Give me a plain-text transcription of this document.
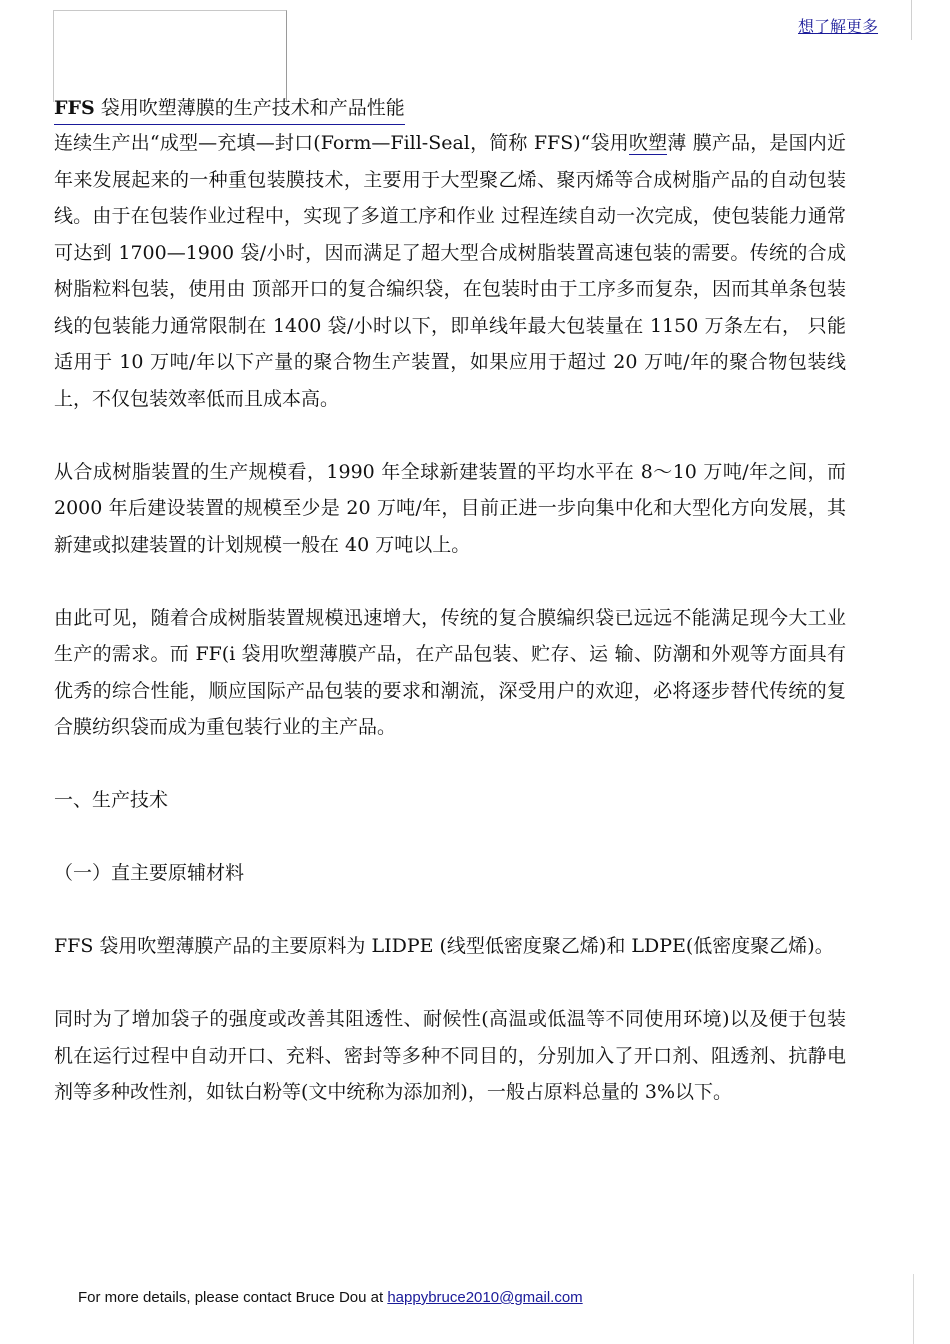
想了解更多
FFS 袋用吹塑薄膜的生产技术和产品性能

连续生产出“成型—充填—封口(Form—Fill-Seal，简称 FFS)“袋用吹塑薄 膜产品，是国内近年来发展起来的一种重包装膜技术，主要用于大型聚乙烯、聚丙烯等合成树脂产品的自动包装线。由于在包装作业过程中，实现了多道工序和作业 过程连续自动一次完成，使包装能力通常可达到 1700—1900 袋/小时，因而满足了超大型合成树脂装置高速包装的需要。传统的合成树脂粒料包装，使用由 顶部开口的复合编织袋，在包装时由于工序多而复杂，因而其单条包装线的包装能力通常限制在 1400 袋/小时以下，即单线年最大包装量在 1150 万条左右， 只能适用于 10 万吨/年以下产量的聚合物生产装置，如果应用于超过 20 万吨/年的聚合物包装线上，不仅包装效率低而且成本高。

从合成树脂装置的生产规模看，1990 年全球新建装置的平均水平在 8～10 万吨/年之间，而 2000 年后建设装置的规模至少是 20 万吨/年，目前正进一步向集中化和大型化方向发展，其新建或拟建装置的计划规模一般在 40 万吨以上。

由此可见，随着合成树脂装置规模迅速增大，传统的复合膜编织袋已远远不能满足现今大工业生产的需求。而 FF(i 袋用吹塑薄膜产品，在产品包装、贮存、运 输、防潮和外观等方面具有优秀的综合性能，顺应国际产品包装的要求和潮流，深受用户的欢迎，必将逐步替代传统的复合膜纺织袋而成为重包装行业的主产品。

一、生产技术

（一）直主要原辅材料

FFS 袋用吹塑薄膜产品的主要原料为 LIDPE (线型低密度聚乙烯)和 LDPE(低密度聚乙烯)。

同时为了增加袋子的强度或改善其阻透性、耐候性(高温或低温等不同使用环境)以及便于包装机在运行过程中自动开口、充料、密封等多种不同目的，分别加入了开口剂、阻透剂、抗静电剂等多种改性剂，如钛白粉等(文中统称为添加剂)，一般占原料总量的 3%以下。

For more details, please contact Bruce Dou at happybruce2010@gmail.com
